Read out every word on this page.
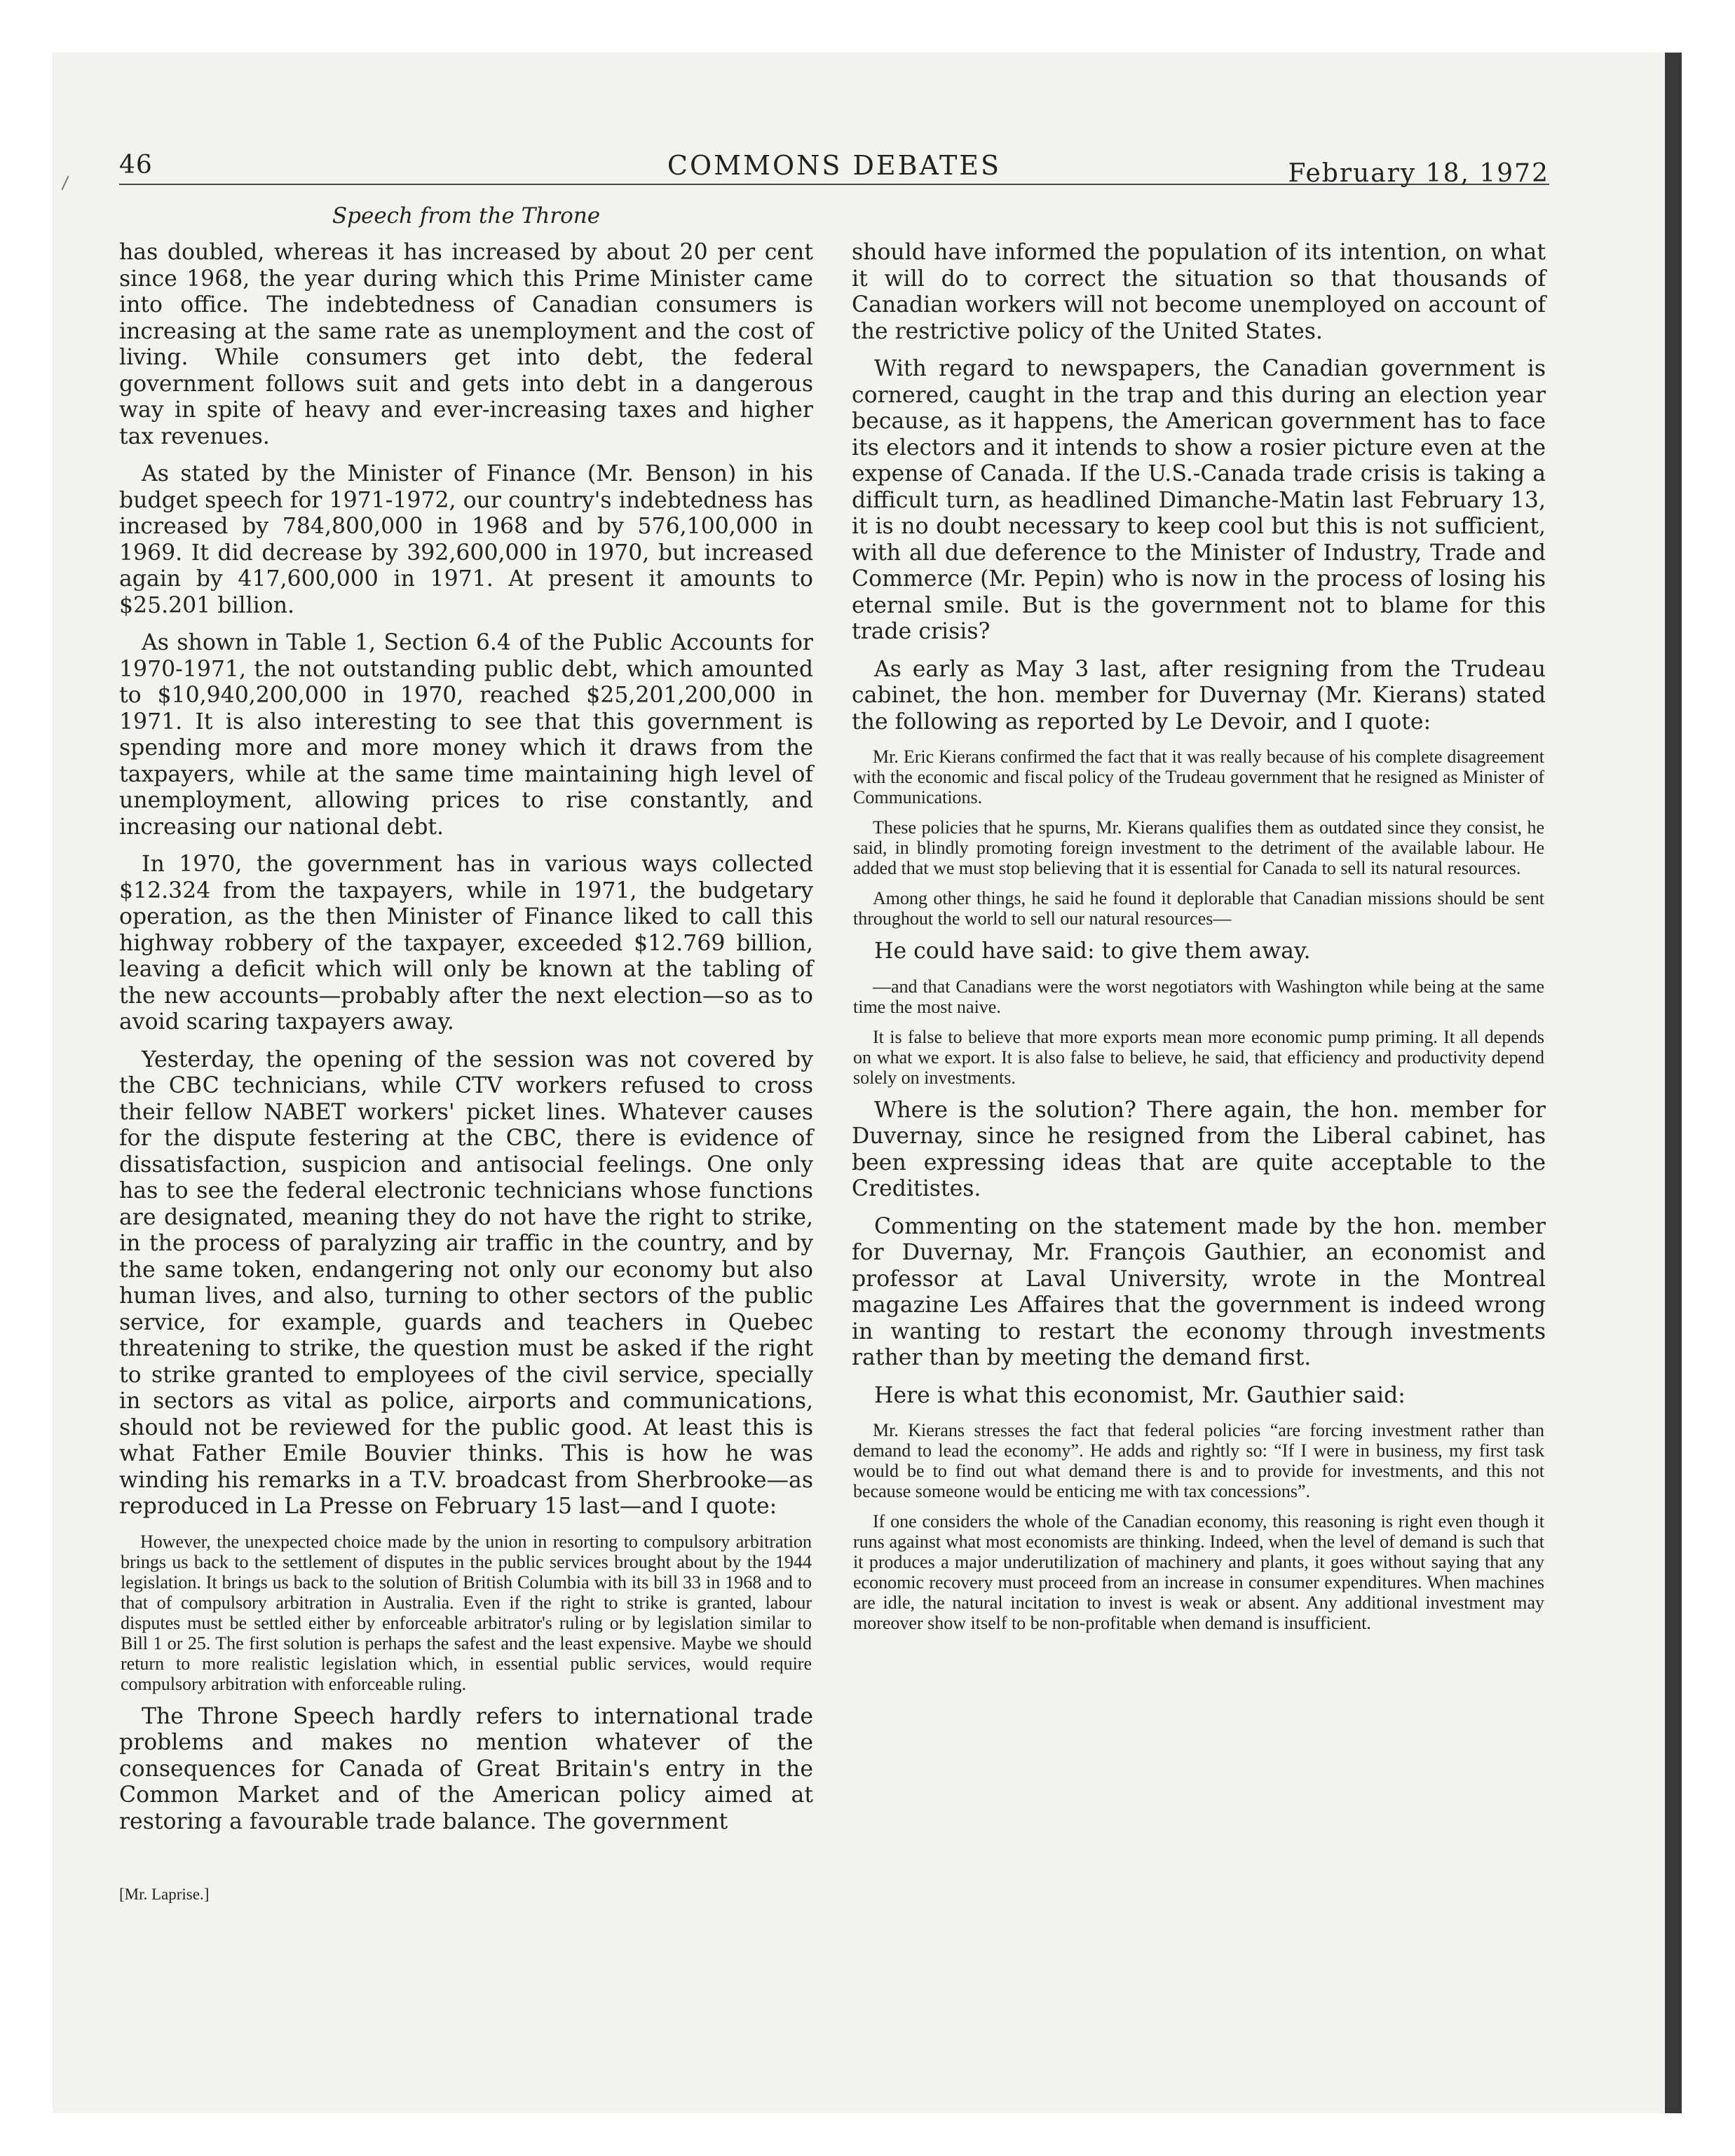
46	COMMONS DEBATES	February 18, 1972
Speech from the Throne

has doubled, whereas it has increased by about 20 per cent since 1968, the year during which this Prime Minister came into office. The indebtedness of Canadian consumers is increasing at the same rate as unemployment and the cost of living. While consumers get into debt, the federal government follows suit and gets into debt in a dangerous way in spite of heavy and ever-increasing taxes and higher tax revenues.

As stated by the Minister of Finance (Mr. Benson) in his budget speech for 1971-1972, our country's indebtedness has increased by 784,800,000 in 1968 and by 576,100,000 in 1969. It did decrease by 392,600,000 in 1970, but increased again by 417,600,000 in 1971. At present it amounts to $25.201 billion.

As shown in Table 1, Section 6.4 of the Public Accounts for 1970-1971, the not outstanding public debt, which amounted to $10,940,200,000 in 1970, reached $25,201,200,000 in 1971. It is also interesting to see that this government is spending more and more money which it draws from the taxpayers, while at the same time maintaining high level of unemployment, allowing prices to rise constantly, and increasing our national debt.

In 1970, the government has in various ways collected $12.324 from the taxpayers, while in 1971, the budgetary operation, as the then Minister of Finance liked to call this highway robbery of the taxpayer, exceeded $12.769 billion, leaving a deficit which will only be known at the tabling of the new accounts—probably after the next election—so as to avoid scaring taxpayers away.

Yesterday, the opening of the session was not covered by the CBC technicians, while CTV workers refused to cross their fellow NABET workers' picket lines. Whatever causes for the dispute festering at the CBC, there is evidence of dissatisfaction, suspicion and antisocial feelings. One only has to see the federal electronic technicians whose functions are designated, meaning they do not have the right to strike, in the process of paralyzing air traffic in the country, and by the same token, endangering not only our economy but also human lives, and also, turning to other sectors of the public service, for example, guards and teachers in Quebec threatening to strike, the question must be asked if the right to strike granted to employees of the civil service, specially in sectors as vital as police, airports and communications, should not be reviewed for the public good. At least this is what Father Emile Bouvier thinks. This is how he was winding his remarks in a T.V. broadcast from Sherbrooke—as reproduced in La Presse on February 15 last—and I quote:

However, the unexpected choice made by the union in resorting to compulsory arbitration brings us back to the settlement of disputes in the public services brought about by the 1944 legislation. It brings us back to the solution of British Columbia with its bill 33 in 1968 and to that of compulsory arbitration in Australia. Even if the right to strike is granted, labour disputes must be settled either by enforceable arbitrator's ruling or by legislation similar to Bill 1 or 25. The first solution is perhaps the safest and the least expensive. Maybe we should return to more realistic legislation which, in essential public services, would require compulsory arbitration with enforceable ruling.

The Throne Speech hardly refers to international trade problems and makes no mention whatever of the consequences for Canada of Great Britain's entry in the Common Market and of the American policy aimed at restoring a favourable trade balance. The government

should have informed the population of its intention, on what it will do to correct the situation so that thousands of Canadian workers will not become unemployed on account of the restrictive policy of the United States.

With regard to newspapers, the Canadian government is cornered, caught in the trap and this during an election year because, as it happens, the American government has to face its electors and it intends to show a rosier picture even at the expense of Canada. If the U.S.-Canada trade crisis is taking a difficult turn, as headlined Dimanche-Matin last February 13, it is no doubt necessary to keep cool but this is not sufficient, with all due deference to the Minister of Industry, Trade and Commerce (Mr. Pepin) who is now in the process of losing his eternal smile. But is the government not to blame for this trade crisis?

As early as May 3 last, after resigning from the Trudeau cabinet, the hon. member for Duvernay (Mr. Kierans) stated the following as reported by Le Devoir, and I quote:

Mr. Eric Kierans confirmed the fact that it was really because of his complete disagreement with the economic and fiscal policy of the Trudeau government that he resigned as Minister of Communications.

These policies that he spurns, Mr. Kierans qualifies them as outdated since they consist, he said, in blindly promoting foreign investment to the detriment of the available labour. He added that we must stop believing that it is essential for Canada to sell its natural resources.

Among other things, he said he found it deplorable that Canadian missions should be sent throughout the world to sell our natural resources—

He could have said: to give them away.

—and that Canadians were the worst negotiators with Washington while being at the same time the most naive.

It is false to believe that more exports mean more economic pump priming. It all depends on what we export. It is also false to believe, he said, that efficiency and productivity depend solely on investments.

Where is the solution? There again, the hon. member for Duvernay, since he resigned from the Liberal cabinet, has been expressing ideas that are quite acceptable to the Creditistes.

Commenting on the statement made by the hon. member for Duvernay, Mr. François Gauthier, an economist and professor at Laval University, wrote in the Montreal magazine Les Affaires that the government is indeed wrong in wanting to restart the economy through investments rather than by meeting the demand first.

Here is what this economist, Mr. Gauthier said:

Mr. Kierans stresses the fact that federal policies “are forcing investment rather than demand to lead the economy”. He adds and rightly so: “If I were in business, my first task would be to find out what demand there is and to provide for investments, and this not because someone would be enticing me with tax concessions”.

If one considers the whole of the Canadian economy, this reasoning is right even though it runs against what most economists are thinking. Indeed, when the level of demand is such that it produces a major underutilization of machinery and plants, it goes without saying that any economic recovery must proceed from an increase in consumer expenditures. When machines are idle, the natural incitation to invest is weak or absent. Any additional investment may moreover show itself to be non-profitable when demand is insufficient.

[Mr. Laprise.]
